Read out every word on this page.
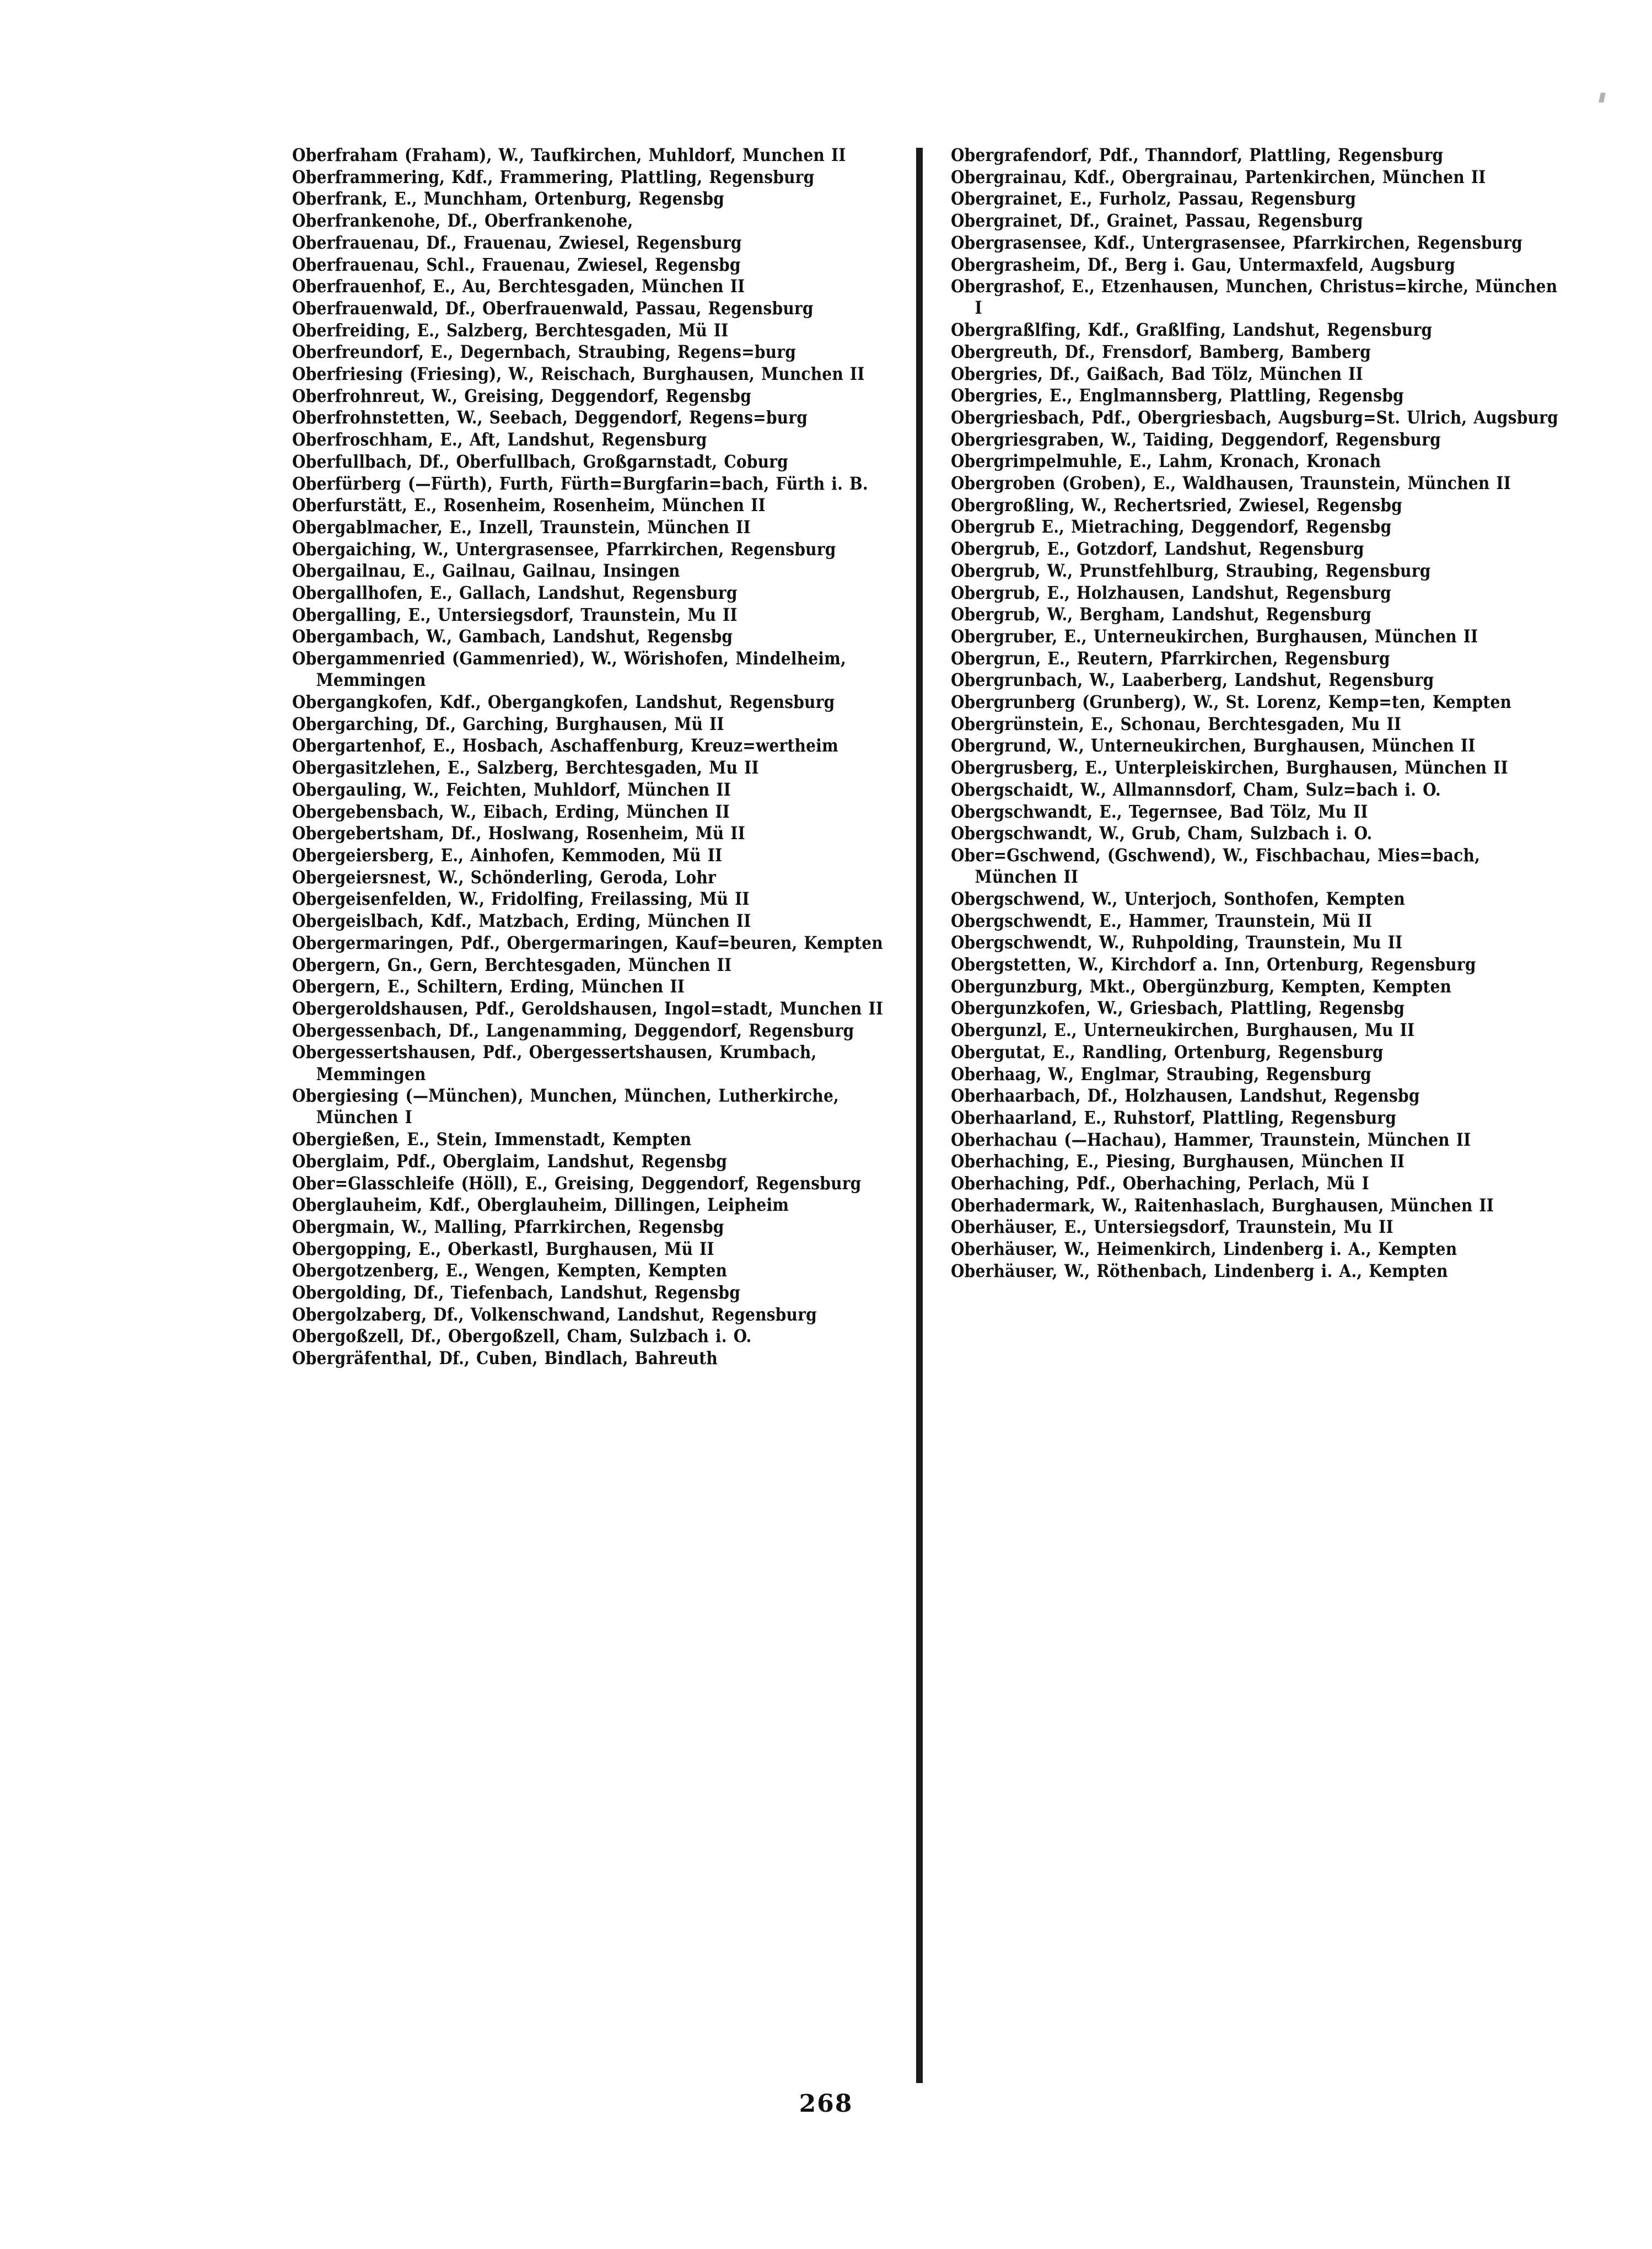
Oberfraham (Fraham), W., Taufkirchen, Muhldorf, Munchen II

Oberframmering, Kdf., Frammering, Plattling, Regensburg

Oberfrank, E., Munchham, Ortenburg, Regensbg

Oberfrankenohe, Df., Oberfrankenohe,

Oberfrauenau, Df., Frauenau, Zwiesel, Regensburg

Oberfrauenau, Schl., Frauenau, Zwiesel, Regensbg

Oberfrauenhof, E., Au, Berchtesgaden, München II

Oberfrauenwald, Df., Oberfrauenwald, Passau, Regensburg

Oberfreiding, E., Salzberg, Berchtesgaden, Mü II

Oberfreundorf, E., Degernbach, Straubing, Regens=burg

Oberfriesing (Friesing), W., Reischach, Burghausen, Munchen II

Oberfrohnreut, W., Greising, Deggendorf, Regensbg

Oberfrohnstetten, W., Seebach, Deggendorf, Regens=burg

Oberfroschham, E., Aft, Landshut, Regensburg

Oberfullbach, Df., Oberfullbach, Großgarnstadt, Coburg

Oberfürberg (—Fürth), Furth, Fürth=Burgfarin=bach, Fürth i. B.

Oberfurstätt, E., Rosenheim, Rosenheim, München II

Obergablmacher, E., Inzell, Traunstein, München II

Obergaiching, W., Untergrasensee, Pfarrkirchen, Regensburg

Obergailnau, E., Gailnau, Gailnau, Insingen

Obergallhofen, E., Gallach, Landshut, Regensburg

Obergalling, E., Untersiegsdorf, Traunstein, Mu II

Obergambach, W., Gambach, Landshut, Regensbg

Obergammenried (Gammenried), W., Wörishofen, Mindelheim, Memmingen

Obergangkofen, Kdf., Obergangkofen, Landshut, Regensburg

Obergarching, Df., Garching, Burghausen, Mü II

Obergartenhof, E., Hosbach, Aschaffenburg, Kreuz=wertheim

Obergasitzlehen, E., Salzberg, Berchtesgaden, Mu II

Obergauling, W., Feichten, Muhldorf, München II

Obergebensbach, W., Eibach, Erding, München II

Obergebertsham, Df., Hoslwang, Rosenheim, Mü II

Obergeiersberg, E., Ainhofen, Kemmoden, Mü II

Obergeiersnest, W., Schönderling, Geroda, Lohr

Obergeisenfelden, W., Fridolfing, Freilassing, Mü II

Obergeislbach, Kdf., Matzbach, Erding, München II

Obergermaringen, Pdf., Obergermaringen, Kauf=beuren, Kempten

Obergern, Gn., Gern, Berchtesgaden, München II

Obergern, E., Schiltern, Erding, München II

Obergeroldshausen, Pdf., Geroldshausen, Ingol=stadt, Munchen II

Obergessenbach, Df., Langenamming, Deggendorf, Regensburg

Obergessertshausen, Pdf., Obergessertshausen, Krumbach, Memmingen

Obergiesing (—München), Munchen, München, Lutherkirche, München I

Obergießen, E., Stein, Immenstadt, Kempten

Oberglaim, Pdf., Oberglaim, Landshut, Regensbg

Ober=Glasschleife (Höll), E., Greising, Deggendorf, Regensburg

Oberglauheim, Kdf., Oberglauheim, Dillingen, Leipheim

Obergmain, W., Malling, Pfarrkirchen, Regensbg

Obergopping, E., Oberkastl, Burghausen, Mü II

Obergotzenberg, E., Wengen, Kempten, Kempten

Obergolding, Df., Tiefenbach, Landshut, Regensbg

Obergolzaberg, Df., Volkenschwand, Landshut, Regensburg

Obergoßzell, Df., Obergoßzell, Cham, Sulzbach i. O.

Obergräfenthal, Df., Cuben, Bindlach, Bahreuth

Obergrafendorf, Pdf., Thanndorf, Plattling, Regensburg

Obergrainau, Kdf., Obergrainau, Partenkirchen, München II

Obergrainet, E., Furholz, Passau, Regensburg

Obergrainet, Df., Grainet, Passau, Regensburg

Obergrasensee, Kdf., Untergrasensee, Pfarrkirchen, Regensburg

Obergrasheim, Df., Berg i. Gau, Untermaxfeld, Augsburg

Obergrashof, E., Etzenhausen, Munchen, Christus=kirche, München I

Obergraßlfing, Kdf., Graßlfing, Landshut, Regensburg

Obergreuth, Df., Frensdorf, Bamberg, Bamberg

Obergries, Df., Gaißach, Bad Tölz, München II

Obergries, E., Englmannsberg, Plattling, Regensbg

Obergriesbach, Pdf., Obergriesbach, Augsburg=St. Ulrich, Augsburg

Obergriesgraben, W., Taiding, Deggendorf, Regensburg

Obergrimpelmuhle, E., Lahm, Kronach, Kronach

Obergroben (Groben), E., Waldhausen, Traunstein, München II

Obergroßling, W., Rechertsried, Zwiesel, Regensbg

Obergrub E., Mietraching, Deggendorf, Regensbg

Obergrub, E., Gotzdorf, Landshut, Regensburg

Obergrub, W., Prunstfehlburg, Straubing, Regensburg

Obergrub, E., Holzhausen, Landshut, Regensburg

Obergrub, W., Bergham, Landshut, Regensburg

Obergruber, E., Unterneukirchen, Burghausen, München II

Obergrun, E., Reutern, Pfarrkirchen, Regensburg

Obergrunbach, W., Laaberberg, Landshut, Regensburg

Obergrunberg (Grunberg), W., St. Lorenz, Kemp=ten, Kempten

Obergrünstein, E., Schonau, Berchtesgaden, Mu II

Obergrund, W., Unterneukirchen, Burghausen, München II

Obergrusberg, E., Unterpleiskirchen, Burghausen, München II

Obergschaidt, W., Allmannsdorf, Cham, Sulz=bach i. O.

Obergschwandt, E., Tegernsee, Bad Tölz, Mu II

Obergschwandt, W., Grub, Cham, Sulzbach i. O.

Ober=Gschwend, (Gschwend), W., Fischbachau, Mies=bach, München II

Obergschwend, W., Unterjoch, Sonthofen, Kempten

Obergschwendt, E., Hammer, Traunstein, Mü II

Obergschwendt, W., Ruhpolding, Traunstein, Mu II

Obergstetten, W., Kirchdorf a. Inn, Ortenburg, Regensburg

Obergunzburg, Mkt., Obergünzburg, Kempten, Kempten

Obergunzkofen, W., Griesbach, Plattling, Regensbg

Obergunzl, E., Unterneukirchen, Burghausen, Mu II

Obergutat, E., Randling, Ortenburg, Regensburg

Oberhaag, W., Englmar, Straubing, Regensburg

Oberhaarbach, Df., Holzhausen, Landshut, Regensbg

Oberhaarland, E., Ruhstorf, Plattling, Regensburg

Oberhachau (—Hachau), Hammer, Traunstein, München II

Oberhaching, E., Piesing, Burghausen, München II

Oberhaching, Pdf., Oberhaching, Perlach, Mü I

Oberhadermark, W., Raitenhaslach, Burghausen, München II

Oberhäuser, E., Untersiegsdorf, Traunstein, Mu II

Oberhäuser, W., Heimenkirch, Lindenberg i. A., Kempten

Oberhäuser, W., Röthenbach, Lindenberg i. A., Kempten

268
